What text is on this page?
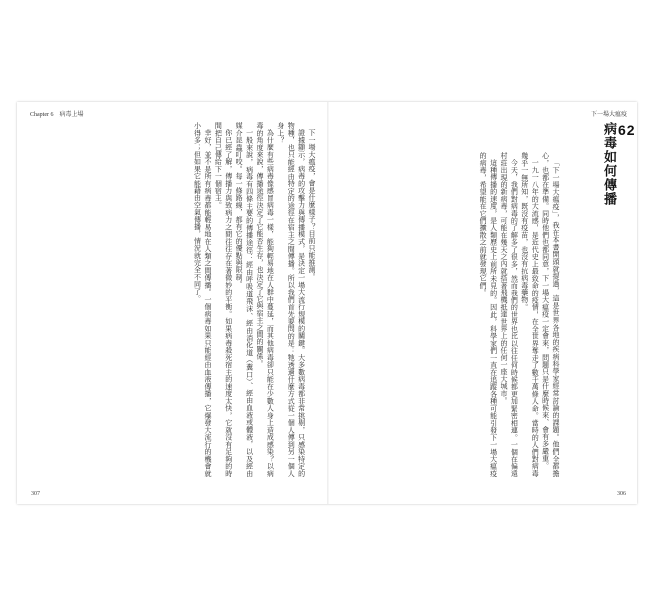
Chapter 6 病毒上場

下一場大瘟疫，會是什麼樣子？目前只能推測。

證據顯示，病毒的攻擊力與傳播模式，是決定一場大流行規模的關鍵。大多數病毒都非常挑剔，只感染特定的物種，也只能經由特定的途徑在宿主之間傳播。所以我們首先要問的是：牠透過什麼方式從一個人傳到另一個人身上？

為什麼有些病毒像感冒病毒一樣，能夠輕易地在人群中蔓延，而其他病毒卻只能在少數人身上造成感染？以病毒的角度來說，傳播途徑決定了它能否生存，也決定了它與宿主之間的關係。

一般來說，病毒有四條主要的傳播途徑：經由呼吸道飛沫、經由消化道（糞口）、經由血液或體液，以及經由媒介昆蟲叮咬。每一條路線，都有它的優點與限制。

你已經了解，傳播力與致病力之間往往存在著微妙的平衡。如果病毒殺死宿主的速度太快，它就沒有足夠的時間把自己傳給下一個宿主。

幸好，並不是所有病毒都能輕易地在人類之間傳播。一個病毒如果只能經由血液傳播，它爆發大流行的機會就小得多；但如果它能藉由空氣傳播，情況就完全不同了。

307
下一場大瘟疫
62
病毒如何傳播

「下一場大瘟疫」，我在本書開頭就提過，這是世界各地的疾病科學家經常討論的課題。他們全都擔心，也都在準備。同時他們也都同意，下一場大瘟疫一定會來，問題只是什麼時候來、會有多嚴重。

一九一八年的大流感，是近代史上最致命的疫情，在全世界奪走了數千萬條人命。當時的人們對病毒幾乎一無所知，既沒有疫苗，也沒有抗病毒藥物。

今天，我們對病毒的了解多了很多，然而我們的世界也比以往任何時候都更加緊密相連。一個在偏遠村莊出現的新病毒，可能在幾天之內就搭著飛機抵達世界上的任何一座大城市。

這種傳播的速度，是人類歷史上前所未見的。因此，科學家們一直在追蹤各種可能引發下一場大瘟疫的病毒，希望能在它們擴散之前就發現它們。

306
